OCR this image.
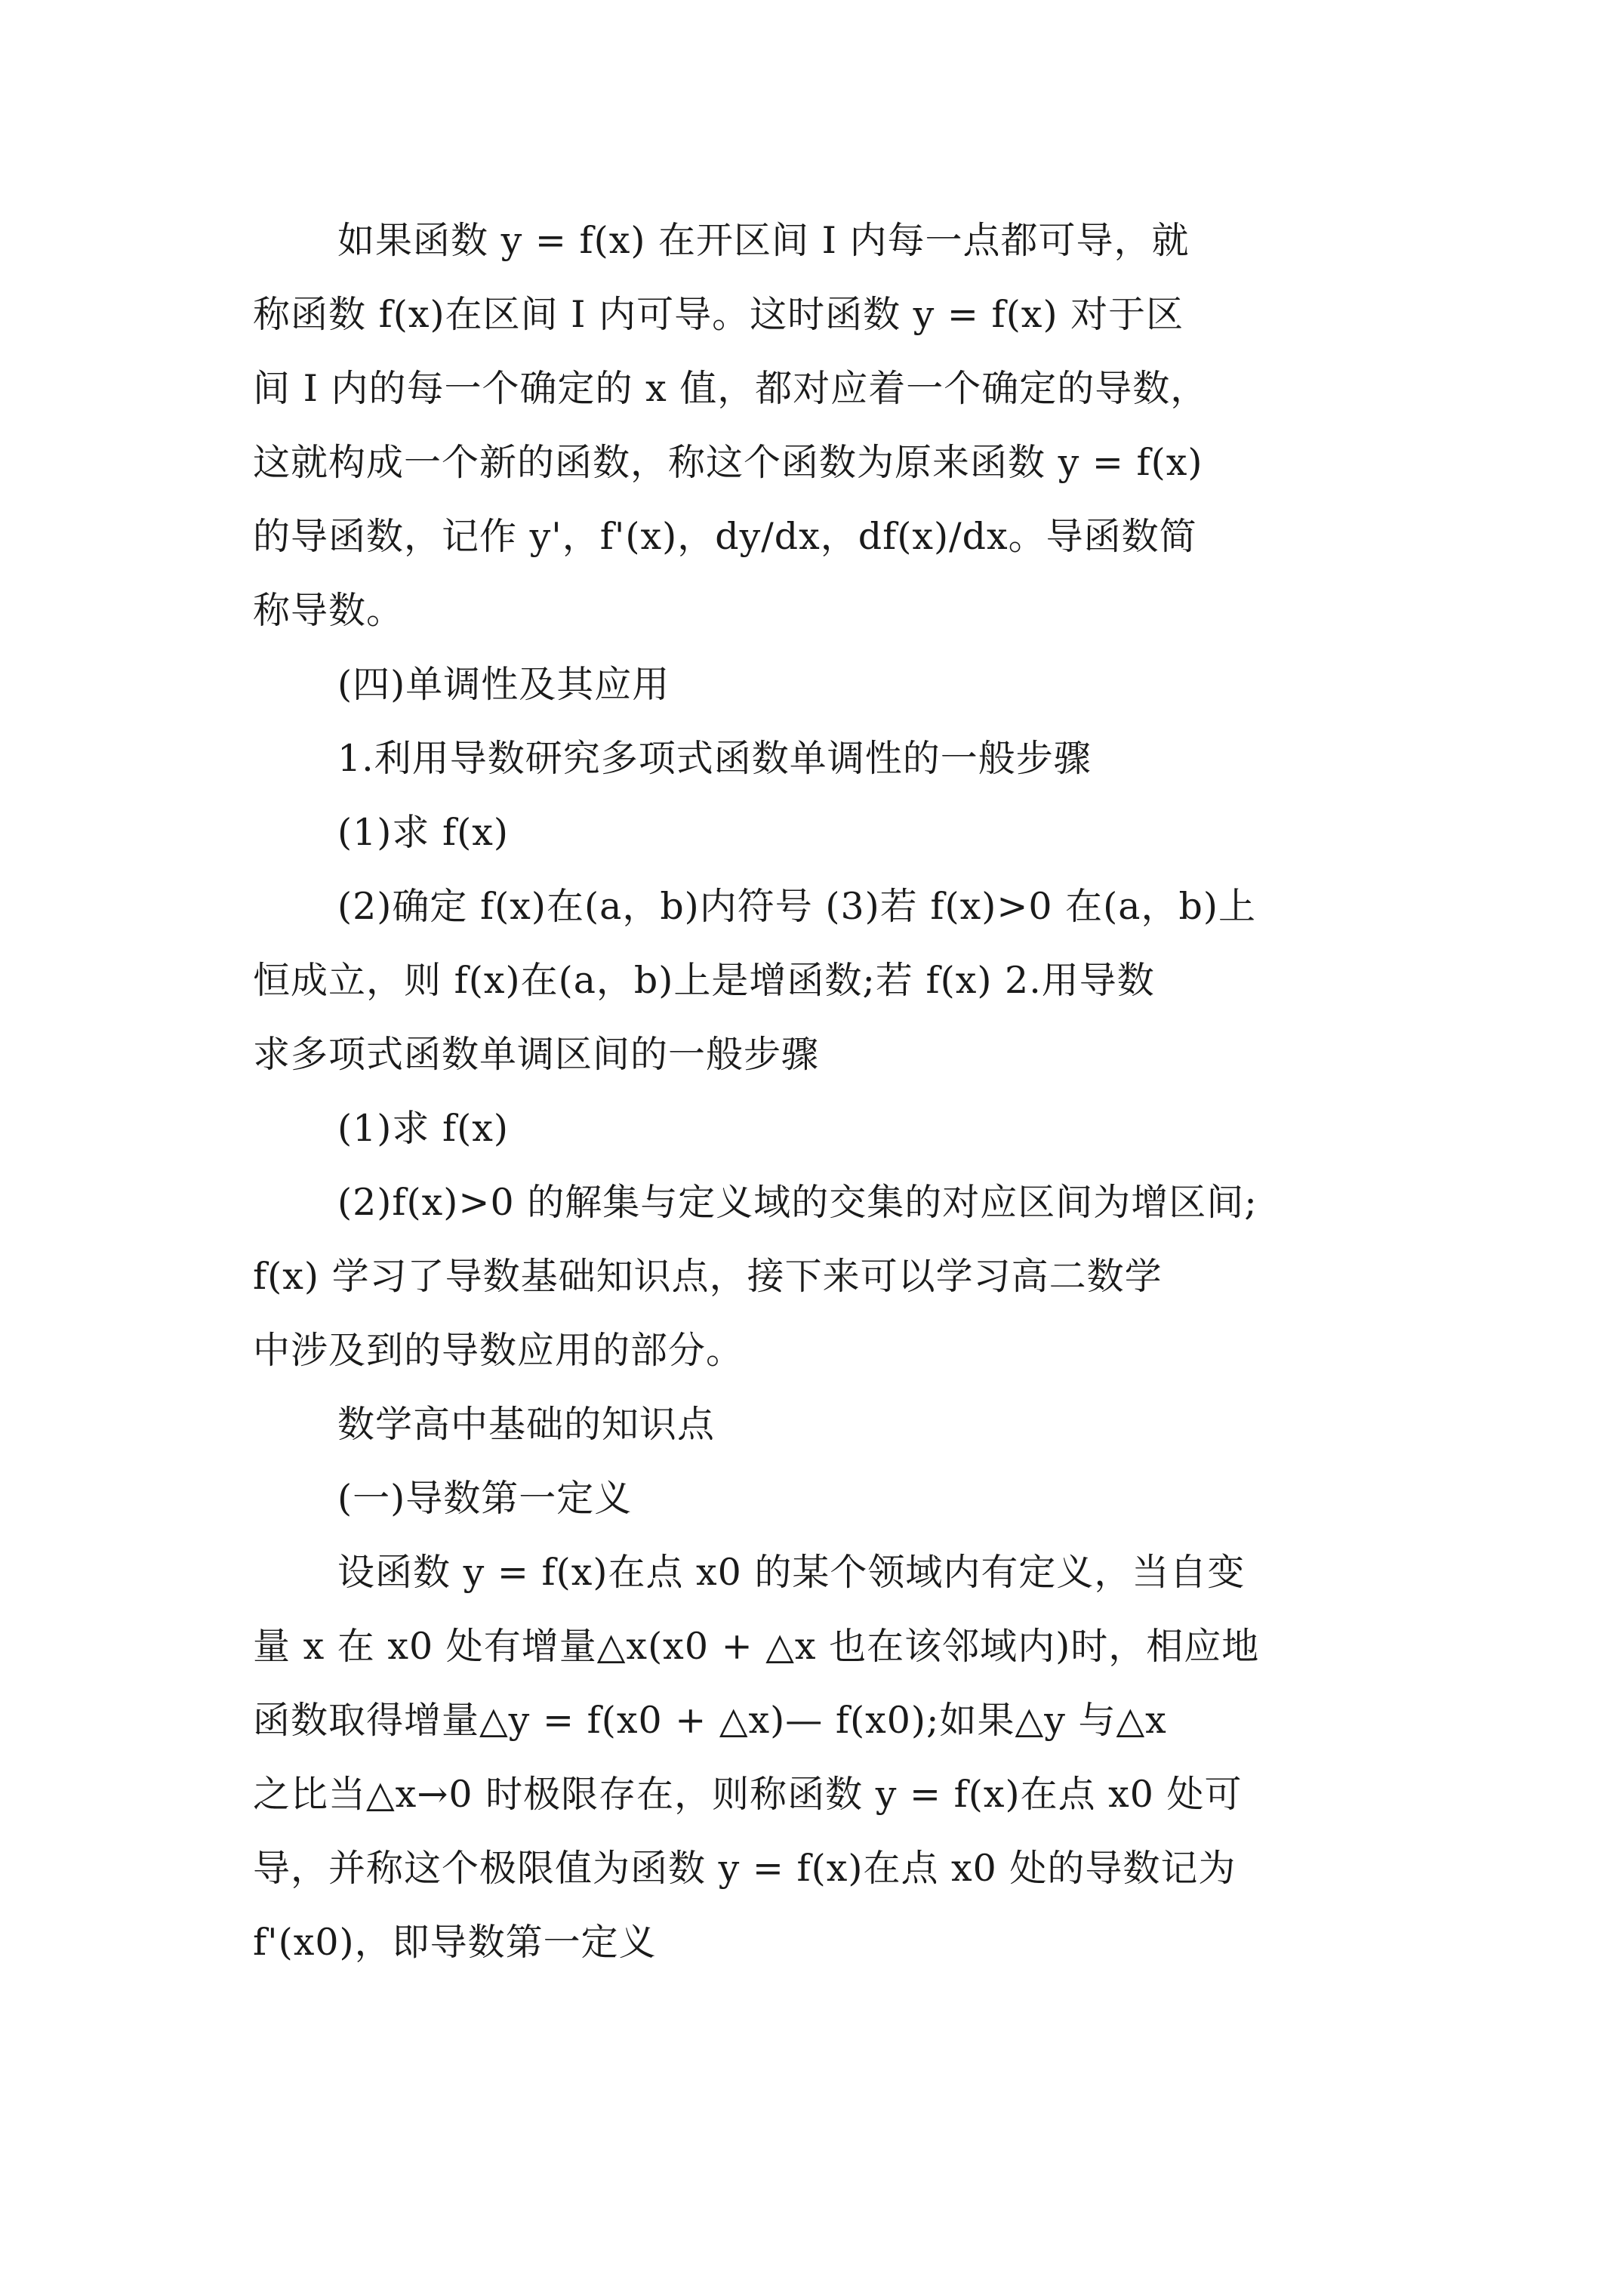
如果函数 y = f(x) 在开区间 I 内每一点都可导，就
称函数 f(x)在区间 I 内可导。这时函数 y = f(x) 对于区
间 I 内的每一个确定的 x 值，都对应着一个确定的导数，
这就构成一个新的函数，称这个函数为原来函数 y = f(x)
的导函数，记作 y'，f'(x)，dy/dx，df(x)/dx。导函数简
称导数。

(四)单调性及其应用

1.利用导数研究多项式函数单调性的一般步骤

(1)求 f(x)

(2)确定 f(x)在(a，b)内符号 (3)若 f(x)>0 在(a，b)上
恒成立，则 f(x)在(a，b)上是增函数;若 f(x) 2.用导数
求多项式函数单调区间的一般步骤

(1)求 f(x)

(2)f(x)>0 的解集与定义域的交集的对应区间为增区间;
f(x) 学习了导数基础知识点，接下来可以学习高二数学
中涉及到的导数应用的部分。

数学高中基础的知识点

(一)导数第一定义

设函数 y = f(x)在点 x0 的某个领域内有定义，当自变
量 x 在 x0 处有增量△x(x0 + △x 也在该邻域内)时，相应地
函数取得增量△y = f(x0 + △x)— f(x0);如果△y 与△x
之比当△x→0 时极限存在，则称函数 y = f(x)在点 x0 处可
导，并称这个极限值为函数 y = f(x)在点 x0 处的导数记为
f'(x0)，即导数第一定义
